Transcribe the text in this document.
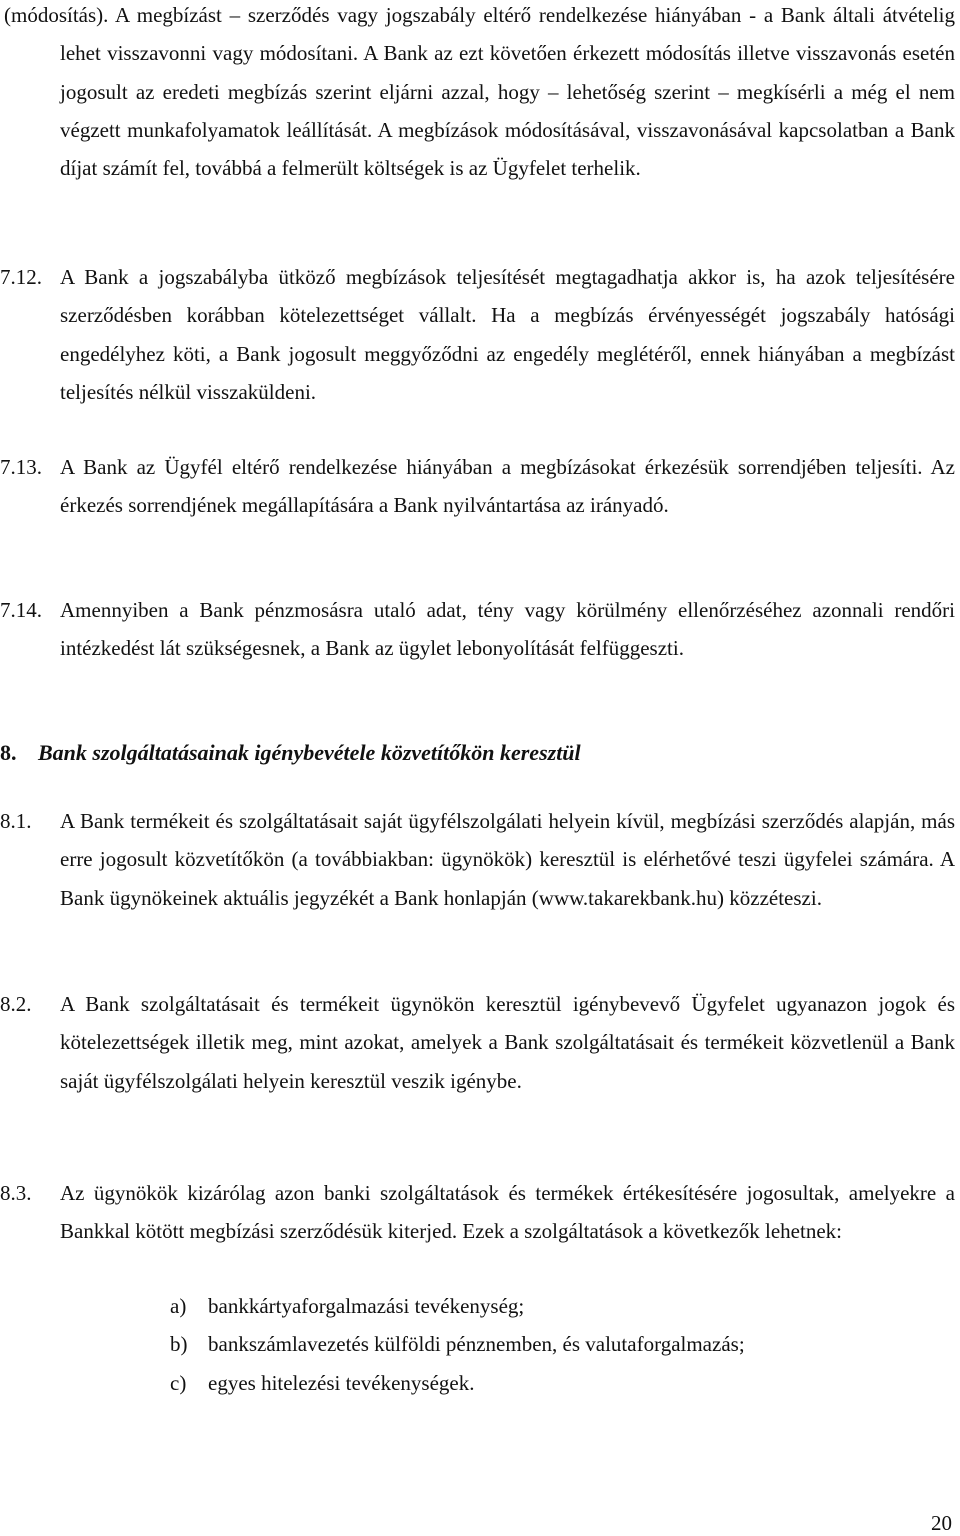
(módosítás). A megbízást – szerződés vagy jogszabály eltérő rendelkezése hiányában - a Bank általi átvételig lehet visszavonni vagy módosítani. A Bank az ezt követően érkezett módosítás illetve visszavonás esetén jogosult az eredeti megbízás szerint eljárni azzal, hogy – lehetőség szerint – megkísérli a még el nem végzett munkafolyamatok leállítását. A megbízások módosításával, visszavonásával kapcsolatban a Bank díjat számít fel, továbbá a felmerült költségek is az Ügyfelet terhelik.

7.12. A Bank a jogszabályba ütköző megbízások teljesítését megtagadhatja akkor is, ha azok teljesítésére szerződésben korábban kötelezettséget vállalt. Ha a megbízás érvényességét jogszabály hatósági engedélyhez köti, a Bank jogosult meggyőződni az engedély meglétéről, ennek hiányában a megbízást teljesítés nélkül visszaküldeni.

7.13. A Bank az Ügyfél eltérő rendelkezése hiányában a megbízásokat érkezésük sorrendjében teljesíti. Az érkezés sorrendjének megállapítására a Bank nyilvántartása az irányadó.

7.14. Amennyiben a Bank pénzmosásra utaló adat, tény vagy körülmény ellenőrzéséhez azonnali rendőri intézkedést lát szükségesnek, a Bank az ügylet lebonyolítását felfüggeszti.

8. Bank szolgáltatásainak igénybevétele közvetítőkön keresztül
8.1. A Bank termékeit és szolgáltatásait saját ügyfélszolgálati helyein kívül, megbízási szerződés alapján, más erre jogosult közvetítőkön (a továbbiakban: ügynökök) keresztül is elérhetővé teszi ügyfelei számára. A Bank ügynökeinek aktuális jegyzékét a Bank honlapján (www.takarekbank.hu) közzéteszi.

8.2. A Bank szolgáltatásait és termékeit ügynökön keresztül igénybevevő Ügyfelet ugyanazon jogok és kötelezettségek illetik meg, mint azokat, amelyek a Bank szolgáltatásait és termékeit közvetlenül a Bank saját ügyfélszolgálati helyein keresztül veszik igénybe.

8.3. Az ügynökök kizárólag azon banki szolgáltatások és termékek értékesítésére jogosultak, amelyekre a Bankkal kötött megbízási szerződésük kiterjed. Ezek a szolgáltatások a következők lehetnek:

a) bankkártyaforgalmazási tevékenység;
b) bankszámlavezetés külföldi pénznemben, és valutaforgalmazás;
c) egyes hitelezési tevékenységek.
20
